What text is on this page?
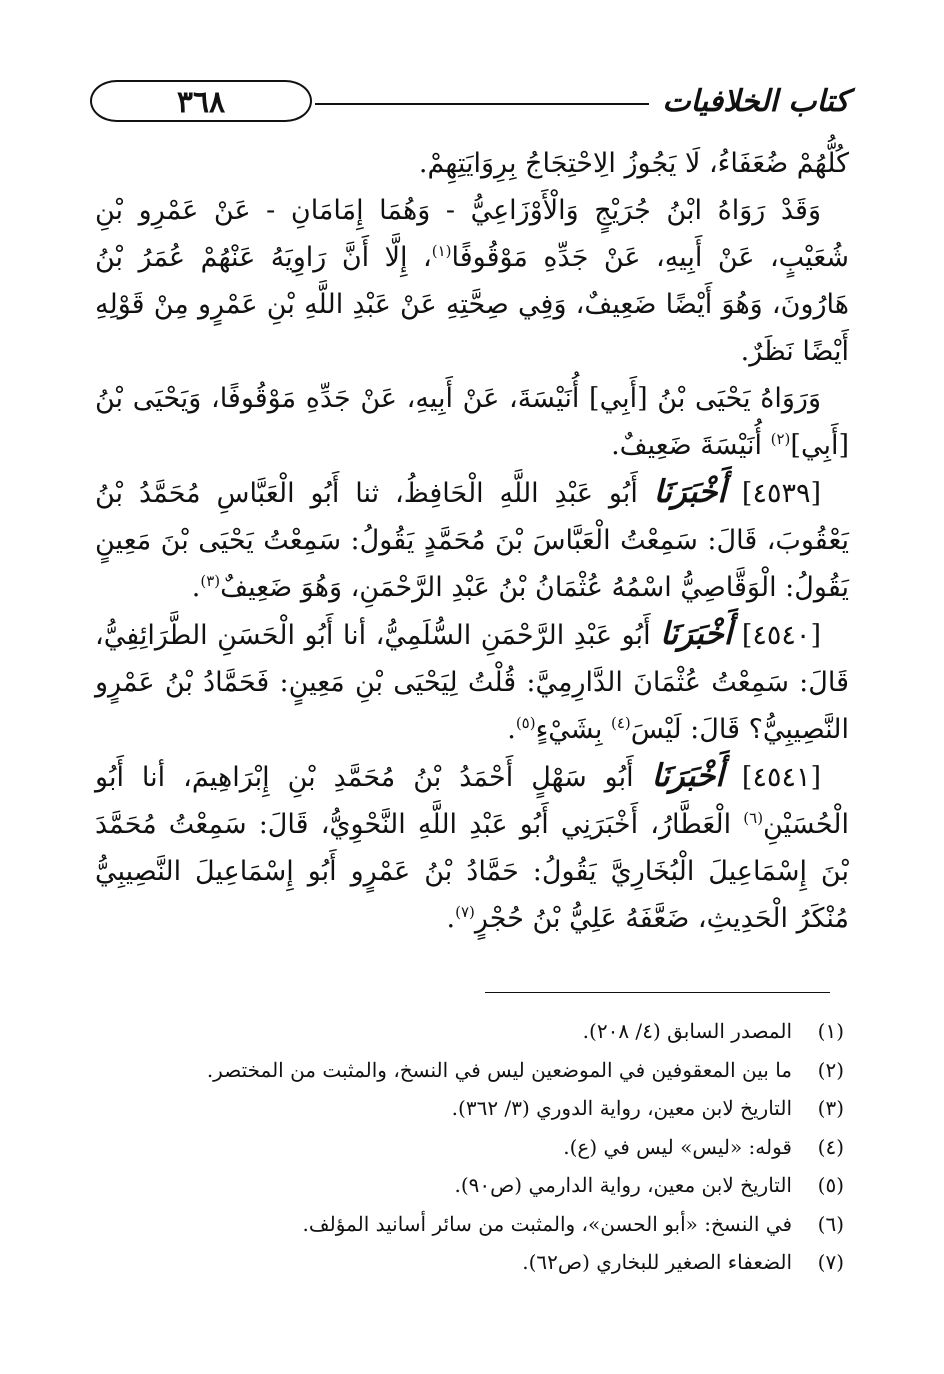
كتاب الخلافيات
٣٦٨

كُلُّهُمْ ضُعَفَاءُ، لَا يَجُوزُ الِاحْتِجَاجُ بِرِوَايَتِهِمْ.

وَقَدْ رَوَاهُ ابْنُ جُرَيْجٍ وَالْأَوْزَاعِيُّ - وَهُمَا إِمَامَانِ - عَنْ عَمْرِو بْنِ شُعَيْبٍ، عَنْ أَبِيهِ، عَنْ جَدِّهِ مَوْقُوفًا$^{(١)}$، إِلَّا أَنَّ رَاوِيَهُ عَنْهُمْ عُمَرُ بْنُ هَارُونَ، وَهُوَ أَيْضًا ضَعِيفٌ، وَفِي صِحَّتِهِ عَنْ عَبْدِ اللَّهِ بْنِ عَمْرٍو مِنْ قَوْلِهِ أَيْضًا نَظَرٌ.

وَرَوَاهُ يَحْيَى بْنُ [أَبِي] أُنَيْسَةَ، عَنْ أَبِيهِ، عَنْ جَدِّهِ مَوْقُوفًا، وَيَحْيَى بْنُ [أَبِي]$^{(٢)}$ أُنَيْسَةَ ضَعِيفٌ.

[٤٥٣٩] أَخْبَرَنَا أَبُو عَبْدِ اللَّهِ الْحَافِظُ، ثنا أَبُو الْعَبَّاسِ مُحَمَّدُ بْنُ يَعْقُوبَ، قَالَ: سَمِعْتُ الْعَبَّاسَ بْنَ مُحَمَّدٍ يَقُولُ: سَمِعْتُ يَحْيَى بْنَ مَعِينٍ يَقُولُ: الْوَقَّاصِيُّ اسْمُهُ عُثْمَانُ بْنُ عَبْدِ الرَّحْمَنِ، وَهُوَ ضَعِيفٌ$^{(٣)}$.

[٤٥٤٠] أَخْبَرَنَا أَبُو عَبْدِ الرَّحْمَنِ السُّلَمِيُّ، أنا أَبُو الْحَسَنِ الطَّرَائِفِيُّ، قَالَ: سَمِعْتُ عُثْمَانَ الدَّارِمِيَّ: قُلْتُ لِيَحْيَى بْنِ مَعِينٍ: فَحَمَّادُ بْنُ عَمْرٍو النَّصِيبِيُّ؟ قَالَ: لَيْسَ$^{(٤)}$ بِشَيْءٍ$^{(٥)}$.

[٤٥٤١] أَخْبَرَنَا أَبُو سَهْلٍ أَحْمَدُ بْنُ مُحَمَّدِ بْنِ إِبْرَاهِيمَ، أنا أَبُو الْحُسَيْنِ$^{(٦)}$ الْعَطَّارُ، أَخْبَرَنِي أَبُو عَبْدِ اللَّهِ النَّحْوِيُّ، قَالَ: سَمِعْتُ مُحَمَّدَ بْنَ إِسْمَاعِيلَ الْبُخَارِيَّ يَقُولُ: حَمَّادُ بْنُ عَمْرٍو أَبُو إِسْمَاعِيلَ النَّصِيبِيُّ مُنْكَرُ الْحَدِيثِ، ضَعَّفَهُ عَلِيُّ بْنُ حُجْرٍ$^{(٧)}$.

(١)
المصدر السابق (٤/ ٢٠٨).
(٢)
ما بين المعقوفين في الموضعين ليس في النسخ، والمثبت من المختصر.
(٣)
التاريخ لابن معين، رواية الدوري (٣/ ٣٦٢).
(٤)
قوله: «ليس» ليس في (ع).
(٥)
التاريخ لابن معين، رواية الدارمي (ص٩٠).
(٦)
في النسخ: «أبو الحسن»، والمثبت من سائر أسانيد المؤلف.
(٧)
الضعفاء الصغير للبخاري (ص٦٢).
